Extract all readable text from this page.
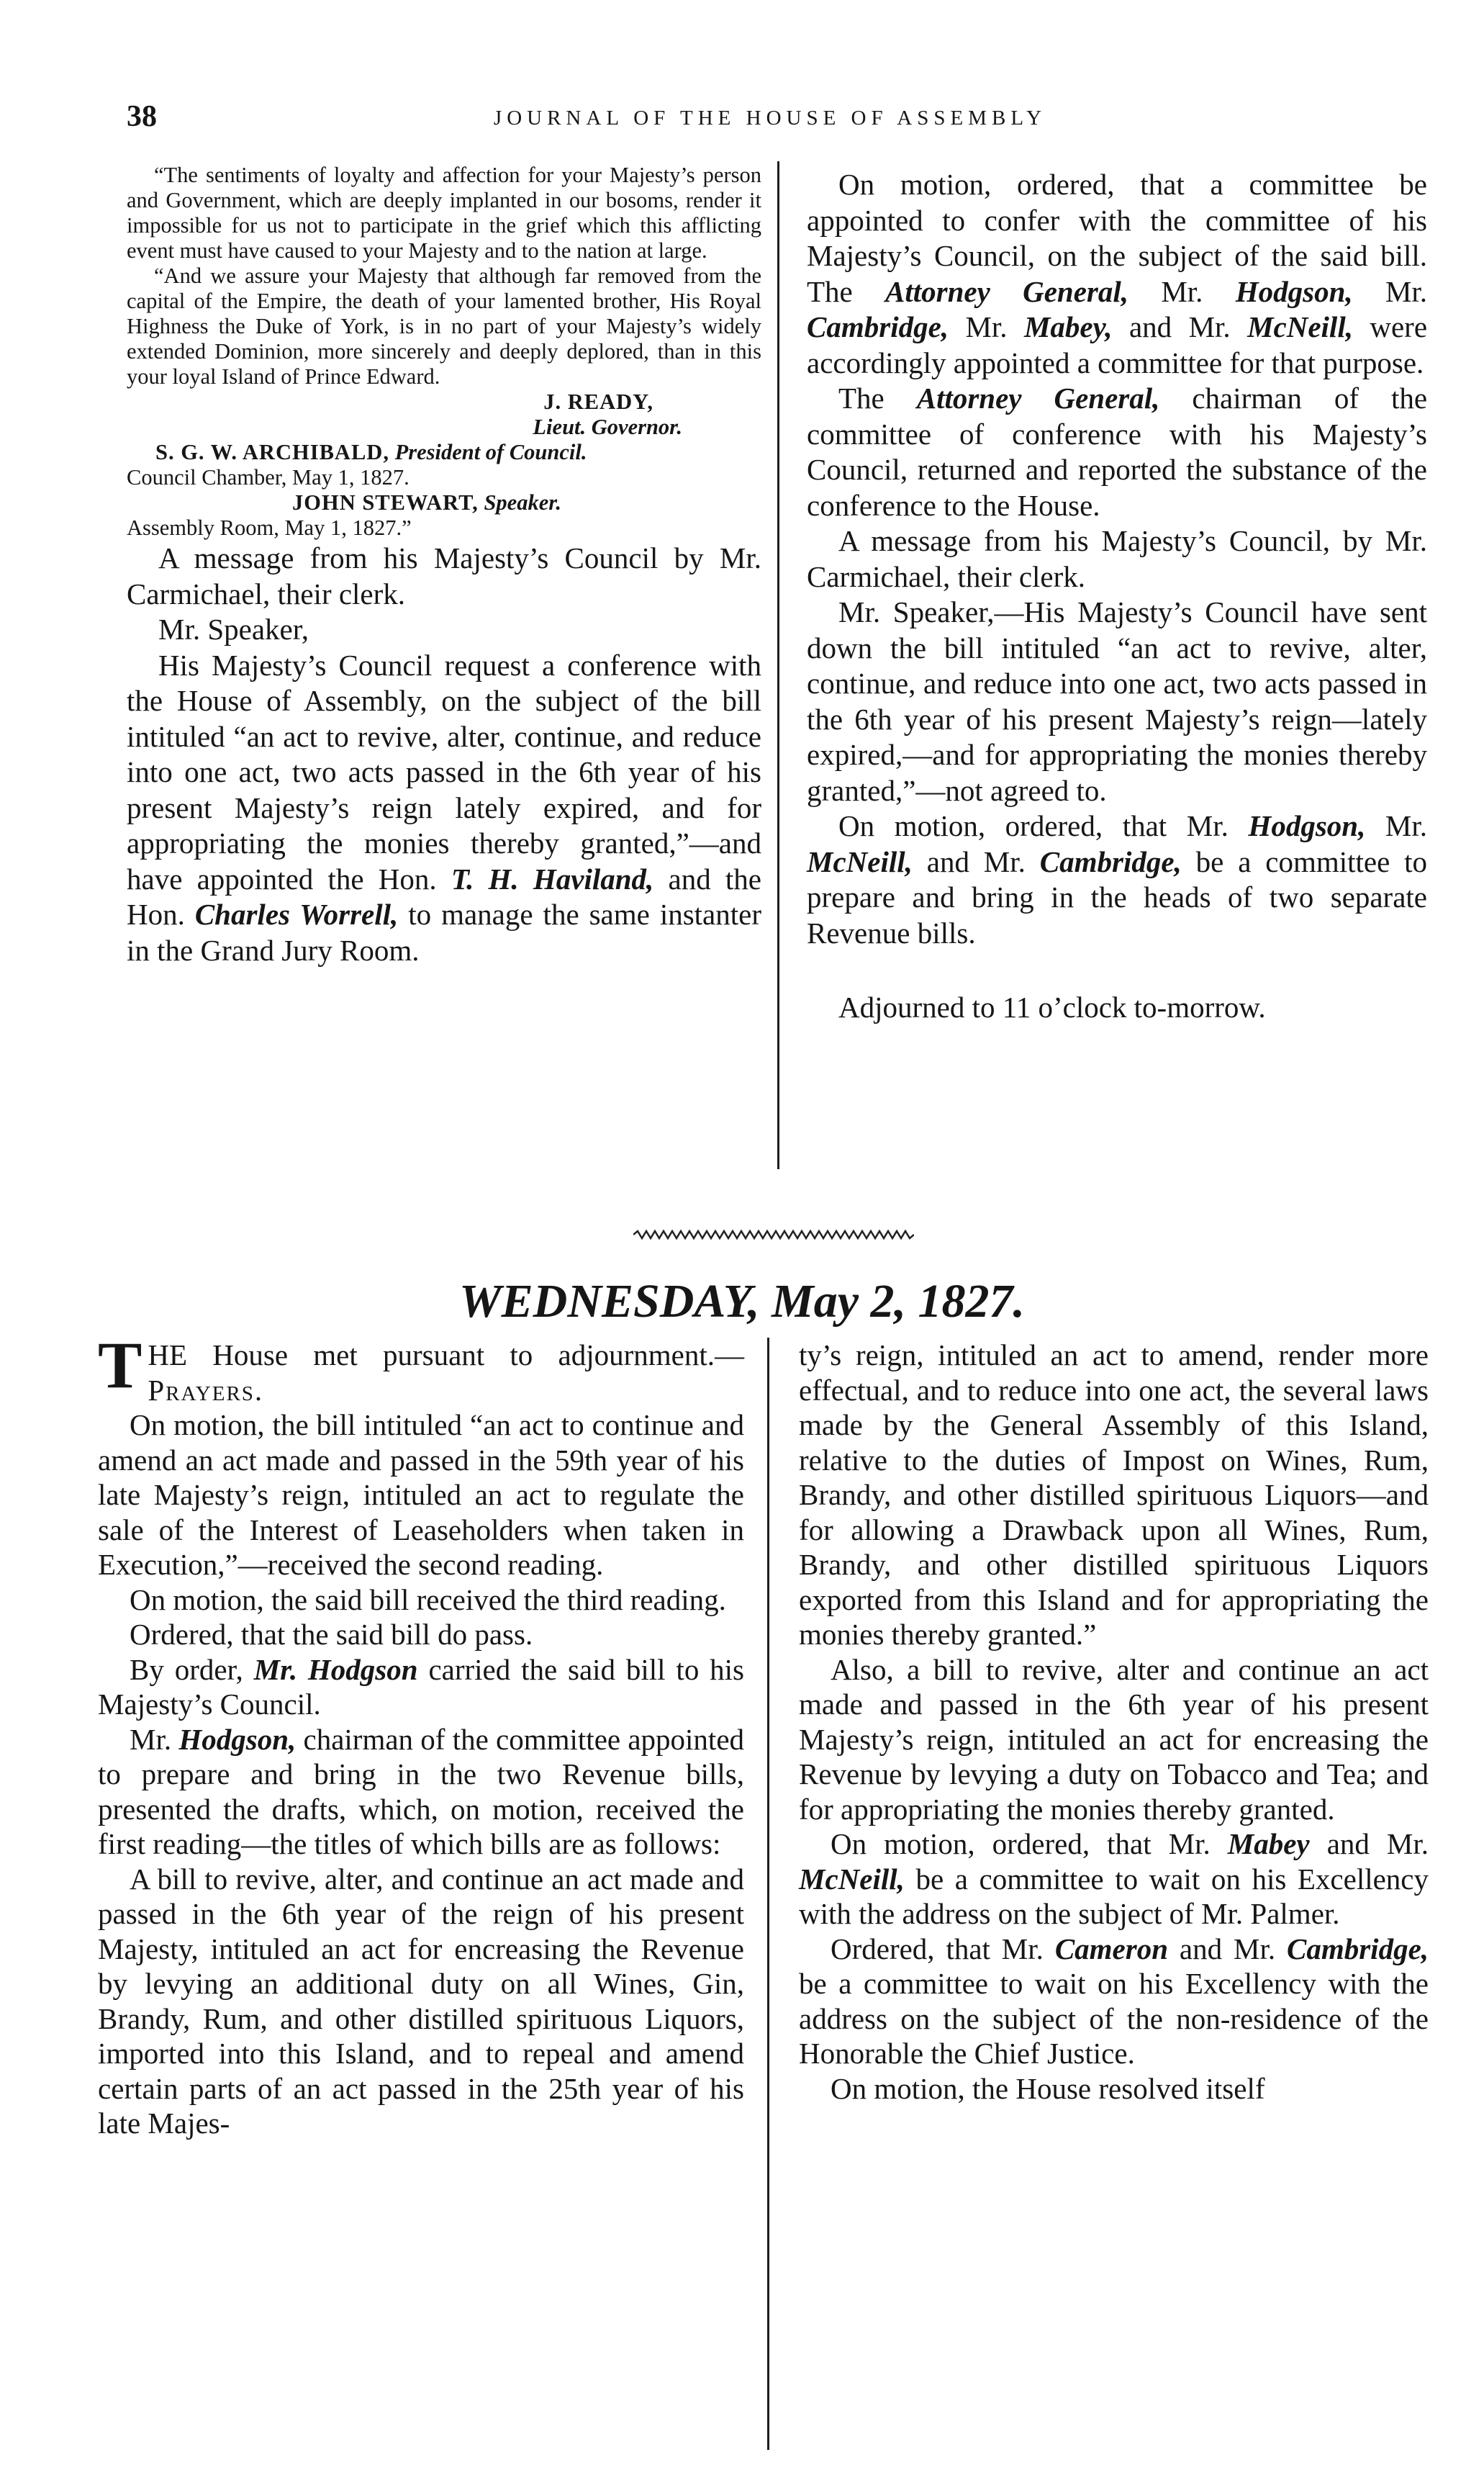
38	JOURNAL OF THE HOUSE OF ASSEMBLY

“The sentiments of loyalty and affection for your Majesty’s person and Government, which are deeply implanted in our bosoms, render it impossible for us not to participate in the grief which this afflicting event must have caused to your Majesty and to the nation at large.

“And we assure your Majesty that although far removed from the capital of the Empire, the death of your lamented brother, His Royal Highness the Duke of York, is in no part of your Majesty’s widely extended Dominion, more sincerely and deeply deplored, than in this your loyal Island of Prince Edward.

J. READY,

Lieut. Governor.

S. G. W. ARCHIBALD, President of Council.

Council Chamber, May 1, 1827.

JOHN STEWART, Speaker.

Assembly Room, May 1, 1827.”

A message from his Majesty’s Council by Mr. Carmichael, their clerk.

Mr. Speaker,

His Majesty’s Council request a conference with the House of Assembly, on the subject of the bill intituled “an act to revive, alter, continue, and reduce into one act, two acts passed in the 6th year of his present Majesty’s reign lately expired, and for appropriating the monies thereby granted,”—and have appointed the Hon. T. H. Haviland, and the Hon. Charles Worrell, to manage the same instanter in the Grand Jury Room.

On motion, ordered, that a committee be appointed to confer with the committee of his Majesty’s Council, on the subject of the said bill. The Attorney General, Mr. Hodgson, Mr. Cambridge, Mr. Mabey, and Mr. McNeill, were accordingly appointed a committee for that purpose.

The Attorney General, chairman of the committee of conference with his Majesty’s Council, returned and reported the substance of the conference to the House.

A message from his Majesty’s Council, by Mr. Carmichael, their clerk.

Mr. Speaker,—His Majesty’s Council have sent down the bill intituled “an act to revive, alter, continue, and reduce into one act, two acts passed in the 6th year of his present Majesty’s reign—lately expired,—and for appropriating the monies thereby granted,”—not agreed to.

On motion, ordered, that Mr. Hodgson, Mr. McNeill, and Mr. Cambridge, be a committee to prepare and bring in the heads of two separate Revenue bills.

Adjourned to 11 o’clock to-morrow.

WEDNESDAY, May 2, 1827.

THE House met pursuant to adjournment.—Prayers.

On motion, the bill intituled “an act to continue and amend an act made and passed in the 59th year of his late Majesty’s reign, intituled an act to regulate the sale of the Interest of Leaseholders when taken in Execution,”—received the second reading.

On motion, the said bill received the third reading.

Ordered, that the said bill do pass.

By order, Mr. Hodgson carried the said bill to his Majesty’s Council.

Mr. Hodgson, chairman of the committee appointed to prepare and bring in the two Revenue bills, presented the drafts, which, on motion, received the first reading—the titles of which bills are as follows:

A bill to revive, alter, and continue an act made and passed in the 6th year of the reign of his present Majesty, intituled an act for encreasing the Revenue by levying an additional duty on all Wines, Gin, Brandy, Rum, and other distilled spirituous Liquors, imported into this Island, and to repeal and amend certain parts of an act passed in the 25th year of his late Majes-

ty’s reign, intituled an act to amend, render more effectual, and to reduce into one act, the several laws made by the General Assembly of this Island, relative to the duties of Impost on Wines, Rum, Brandy, and other distilled spirituous Liquors—and for allowing a Drawback upon all Wines, Rum, Brandy, and other distilled spirituous Liquors exported from this Island and for appropriating the monies thereby granted.”

Also, a bill to revive, alter and continue an act made and passed in the 6th year of his present Majesty’s reign, intituled an act for encreasing the Revenue by levying a duty on Tobacco and Tea; and for appropriating the monies thereby granted.

On motion, ordered, that Mr. Mabey and Mr. McNeill, be a committee to wait on his Excellency with the address on the subject of Mr. Palmer.

Ordered, that Mr. Cameron and Mr. Cambridge, be a committee to wait on his Excellency with the address on the subject of the non-residence of the Honorable the Chief Justice.

On motion, the House resolved itself
